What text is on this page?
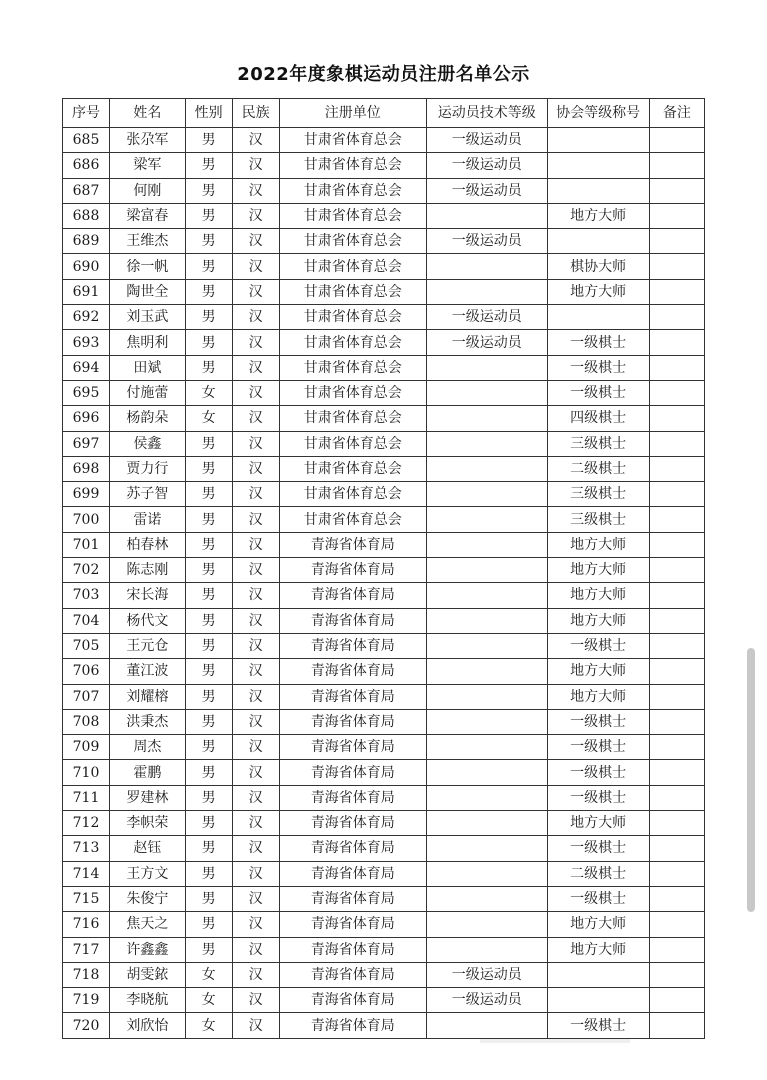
2022年度象棋运动员注册名单公示
序号	姓名	性别	民族	注册单位	运动员技术等级	协会等级称号	备注
685	张尕军	男	汉	甘肃省体育总会	一级运动员		
686	梁军	男	汉	甘肃省体育总会	一级运动员		
687	何刚	男	汉	甘肃省体育总会	一级运动员		
688	梁富春	男	汉	甘肃省体育总会		地方大师	
689	王维杰	男	汉	甘肃省体育总会	一级运动员		
690	徐一帆	男	汉	甘肃省体育总会		棋协大师	
691	陶世全	男	汉	甘肃省体育总会		地方大师	
692	刘玉武	男	汉	甘肃省体育总会	一级运动员		
693	焦明利	男	汉	甘肃省体育总会	一级运动员	一级棋士	
694	田斌	男	汉	甘肃省体育总会		一级棋士	
695	付施蕾	女	汉	甘肃省体育总会		一级棋士	
696	杨韵朵	女	汉	甘肃省体育总会		四级棋士	
697	侯鑫	男	汉	甘肃省体育总会		三级棋士	
698	贾力行	男	汉	甘肃省体育总会		二级棋士	
699	苏子智	男	汉	甘肃省体育总会		三级棋士	
700	雷诺	男	汉	甘肃省体育总会		三级棋士	
701	柏春林	男	汉	青海省体育局		地方大师	
702	陈志刚	男	汉	青海省体育局		地方大师	
703	宋长海	男	汉	青海省体育局		地方大师	
704	杨代文	男	汉	青海省体育局		地方大师	
705	王元仓	男	汉	青海省体育局		一级棋士	
706	董江波	男	汉	青海省体育局		地方大师	
707	刘耀榕	男	汉	青海省体育局		地方大师	
708	洪秉杰	男	汉	青海省体育局		一级棋士	
709	周杰	男	汉	青海省体育局		一级棋士	
710	霍鹏	男	汉	青海省体育局		一级棋士	
711	罗建林	男	汉	青海省体育局		一级棋士	
712	李帜荣	男	汉	青海省体育局		地方大师	
713	赵钰	男	汉	青海省体育局		一级棋士	
714	王方文	男	汉	青海省体育局		二级棋士	
715	朱俊宁	男	汉	青海省体育局		一级棋士	
716	焦天之	男	汉	青海省体育局		地方大师	
717	许鑫鑫	男	汉	青海省体育局		地方大师	
718	胡雯銥	女	汉	青海省体育局	一级运动员		
719	李晓航	女	汉	青海省体育局	一级运动员		
720	刘欣怡	女	汉	青海省体育局		一级棋士	
